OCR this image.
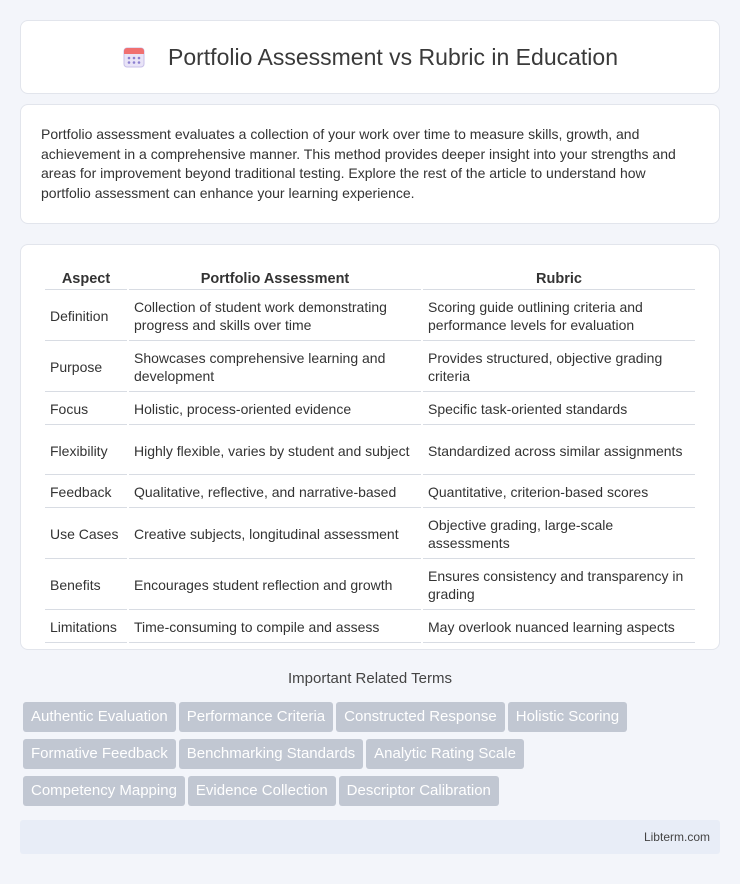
Portfolio Assessment vs Rubric in Education

Portfolio assessment evaluates a collection of your work over time to measure skills, growth, and achievement in a comprehensive manner. This method provides deeper insight into your strengths and areas for improvement beyond traditional testing. Explore the rest of the article to understand how portfolio assessment can enhance your learning experience.

Aspect	Portfolio Assessment	Rubric
Definition	Collection of student work demonstrating progress and skills over time	Scoring guide outlining criteria and performance levels for evaluation
Purpose	Showcases comprehensive learning and development	Provides structured, objective grading criteria
Focus	Holistic, process-oriented evidence	Specific task-oriented standards
Flexibility	Highly flexible, varies by student and subject	Standardized across similar assignments
Feedback	Qualitative, reflective, and narrative-based	Quantitative, criterion-based scores
Use Cases	Creative subjects, longitudinal assessment	Objective grading, large-scale assessments
Benefits	Encourages student reflection and growth	Ensures consistency and transparency in grading
Limitations	Time-consuming to compile and assess	May overlook nuanced learning aspects
Important Related Terms
Authentic Evaluation Performance Criteria Constructed Response Holistic Scoring
Formative Feedback Benchmarking Standards Analytic Rating Scale
Competency Mapping Evidence Collection Descriptor Calibration
Libterm.com
